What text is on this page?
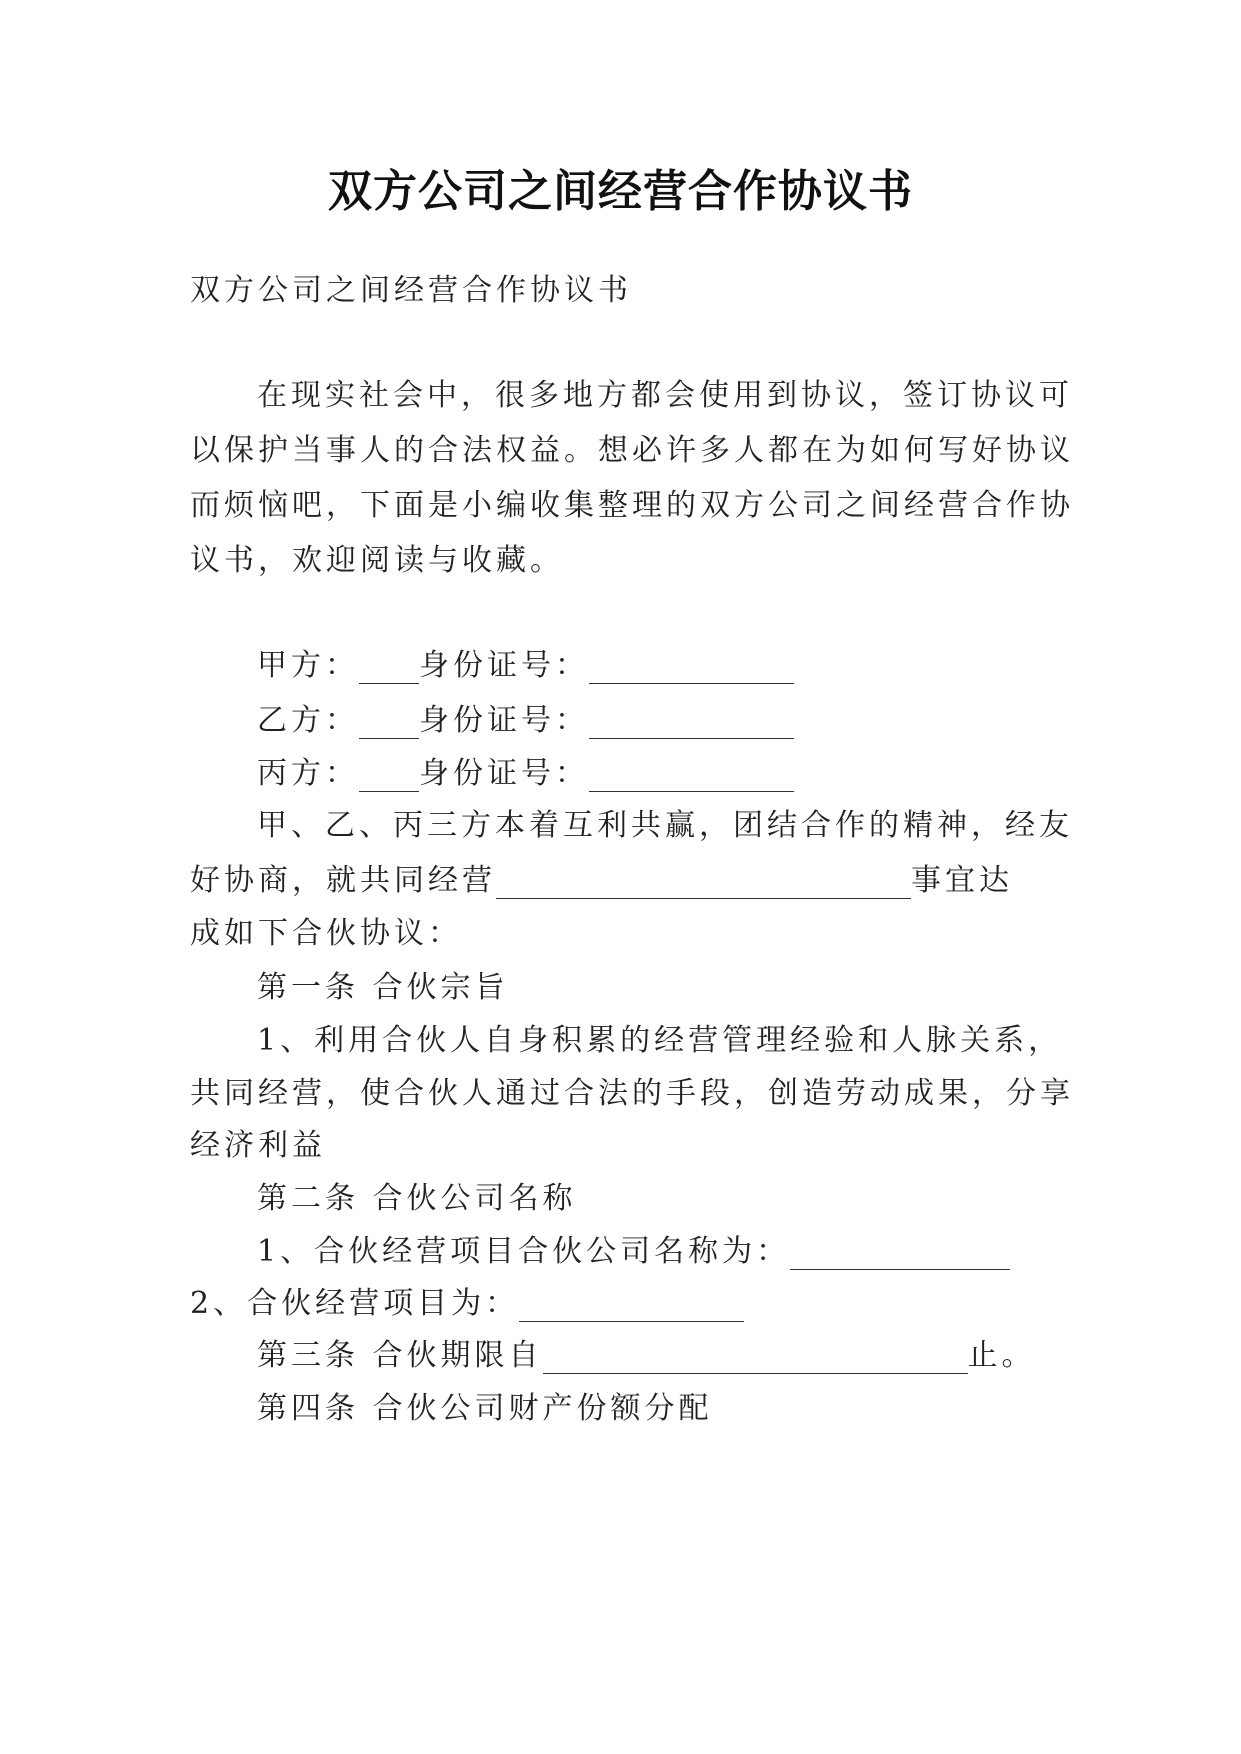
双方公司之间经营合作协议书
双方公司之间经营合作协议书
在现实社会中，很多地方都会使用到协议，签订协议可
以保护当事人的合法权益。想必许多人都在为如何写好协议
而烦恼吧，下面是小编收集整理的双方公司之间经营合作协
议书，欢迎阅读与收藏。
甲方： 身份证号：
乙方： 身份证号：
丙方： 身份证号：
甲、乙、丙三方本着互利共赢，团结合作的精神，经友
好协商，就共同经营	事宜达
成如下合伙协议：
第一条 合伙宗旨
1、利用合伙人自身积累的经营管理经验和人脉关系，
共同经营，使合伙人通过合法的手段，创造劳动成果，分享
经济利益
第二条 合伙公司名称
1、合伙经营项目合伙公司名称为：
2、合伙经营项目为：
第三条 合伙期限自	止。
第四条 合伙公司财产份额分配
